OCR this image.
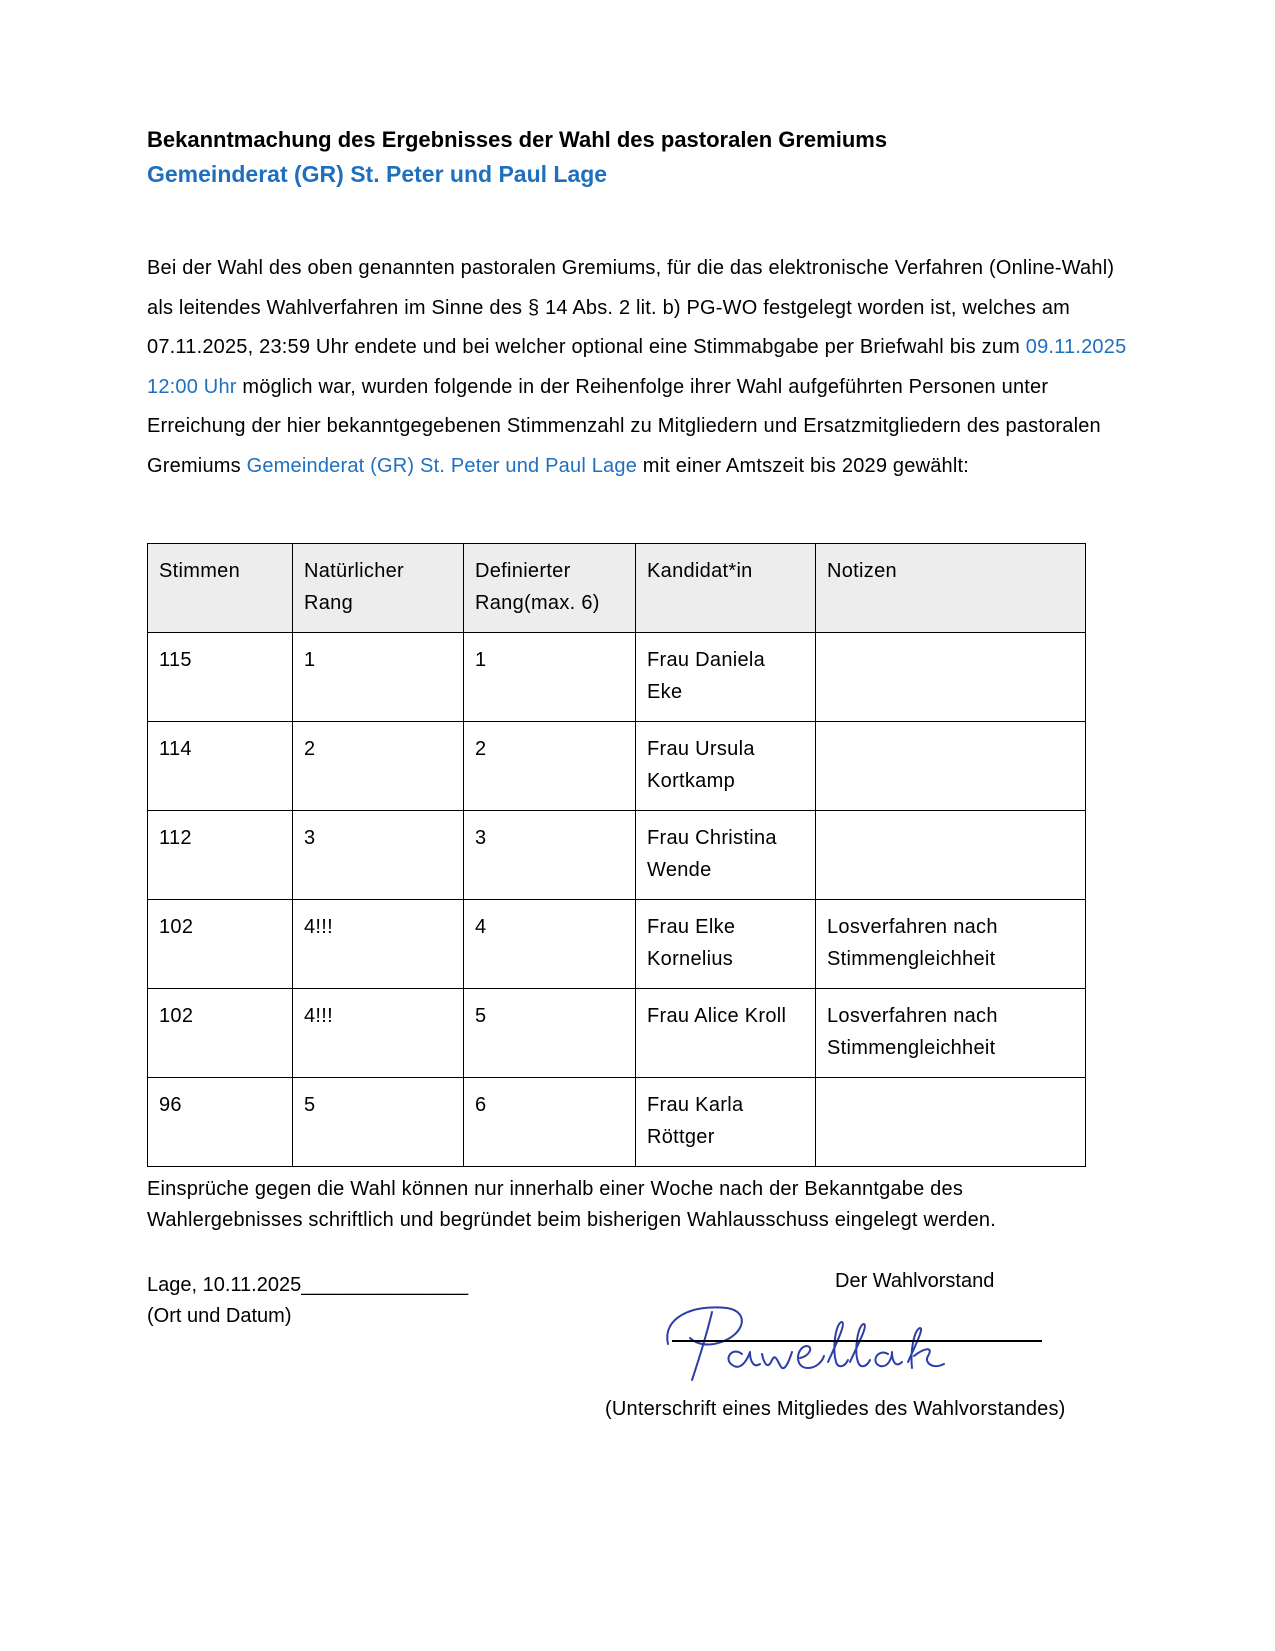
Bekanntmachung des Ergebnisses der Wahl des pastoralen Gremiums
Gemeinderat (GR) St. Peter und Paul Lage
Bei der Wahl des oben genannten pastoralen Gremiums, für die das elektronische Verfahren (Online-Wahl) als leitendes Wahlverfahren im Sinne des § 14 Abs. 2 lit. b) PG-WO festgelegt worden ist, welches am 07.11.2025, 23:59 Uhr endete und bei welcher optional eine Stimmabgabe per Briefwahl bis zum 09.11.2025 12:00 Uhr möglich war, wurden folgende in der Reihenfolge ihrer Wahl aufgeführten Personen unter Erreichung der hier bekanntgegebenen Stimmenzahl zu Mitgliedern und Ersatzmitgliedern des pastoralen Gremiums Gemeinderat (GR) St. Peter und Paul Lage mit einer Amtszeit bis 2029 gewählt:
Stimmen	Natürlicher Rang	Definierter Rang(max. 6)	Kandidat*in	Notizen
115	1	1	Frau Daniela Eke	
114	2	2	Frau Ursula Kortkamp	
112	3	3	Frau Christina Wende	
102	4!!!	4	Frau Elke Kornelius	Losverfahren nach Stimmengleichheit
102	4!!!	5	Frau Alice Kroll	Losverfahren nach Stimmengleichheit
96	5	6	Frau Karla Röttger	
Einsprüche gegen die Wahl können nur innerhalb einer Woche nach der Bekanntgabe des Wahlergebnisses schriftlich und begründet beim bisherigen Wahlausschuss eingelegt werden.
Lage, 10.11.2025_______________
(Ort und Datum)
Der Wahlvorstand
(Unterschrift eines Mitgliedes des Wahlvorstandes)
